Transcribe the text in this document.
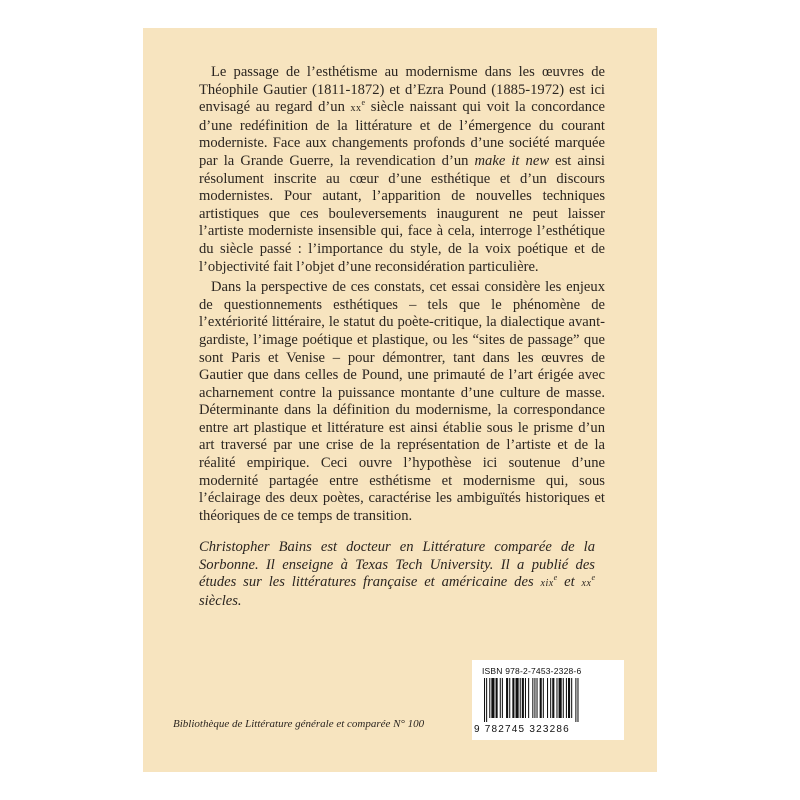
Le passage de l’esthétisme au modernisme dans les œuvres de Théophile Gautier (1811-1872) et d’Ezra Pound (1885-1972) est ici envisagé au regard d’un $xx^e$ siècle naissant qui voit la concordance d’une redéfinition de la littérature et de l’émergence du courant moderniste. Face aux changements profonds d’une société marquée par la Grande Guerre, la revendication d’un make it new est ainsi résolument inscrite au cœur d’une esthétique et d’un discours modernistes. Pour autant, l’apparition de nouvelles techniques artistiques que ces bouleversements inaugurent ne peut laisser l’artiste moderniste insensible qui, face à cela, interroge l’esthétique du siècle passé : l’importance du style, de la voix poétique et de l’objectivité fait l’objet d’une reconsidération particulière.

Dans la perspective de ces constats, cet essai considère les enjeux de questionnements esthétiques – tels que le phénomène de l’extériorité littéraire, le statut du poète-critique, la dialectique avant-gardiste, l’image poétique et plastique, ou les “sites de passage” que sont Paris et Venise – pour démontrer, tant dans les œuvres de Gautier que dans celles de Pound, une primauté de l’art érigée avec acharnement contre la puissance montante d’une culture de masse. Déterminante dans la définition du modernisme, la correspondance entre art plastique et littérature est ainsi établie sous le prisme d’un art traversé par une crise de la représentation de l’artiste et de la réalité empirique. Ceci ouvre l’hypothèse ici soutenue d’une modernité partagée entre esthétisme et modernisme qui, sous l’éclairage des deux poètes, caractérise les ambiguïtés historiques et théoriques de ce temps de transition.

Christopher Bains est docteur en Littérature comparée de la Sorbonne. Il enseigne à Texas Tech University. Il a publié des études sur les littératures française et américaine des xix$^e$ et $xx^e$ siècles.
Bibliothèque de Littérature générale et comparée N° 100
ISBN 978-2-7453-2328-6
9 782745 323286
